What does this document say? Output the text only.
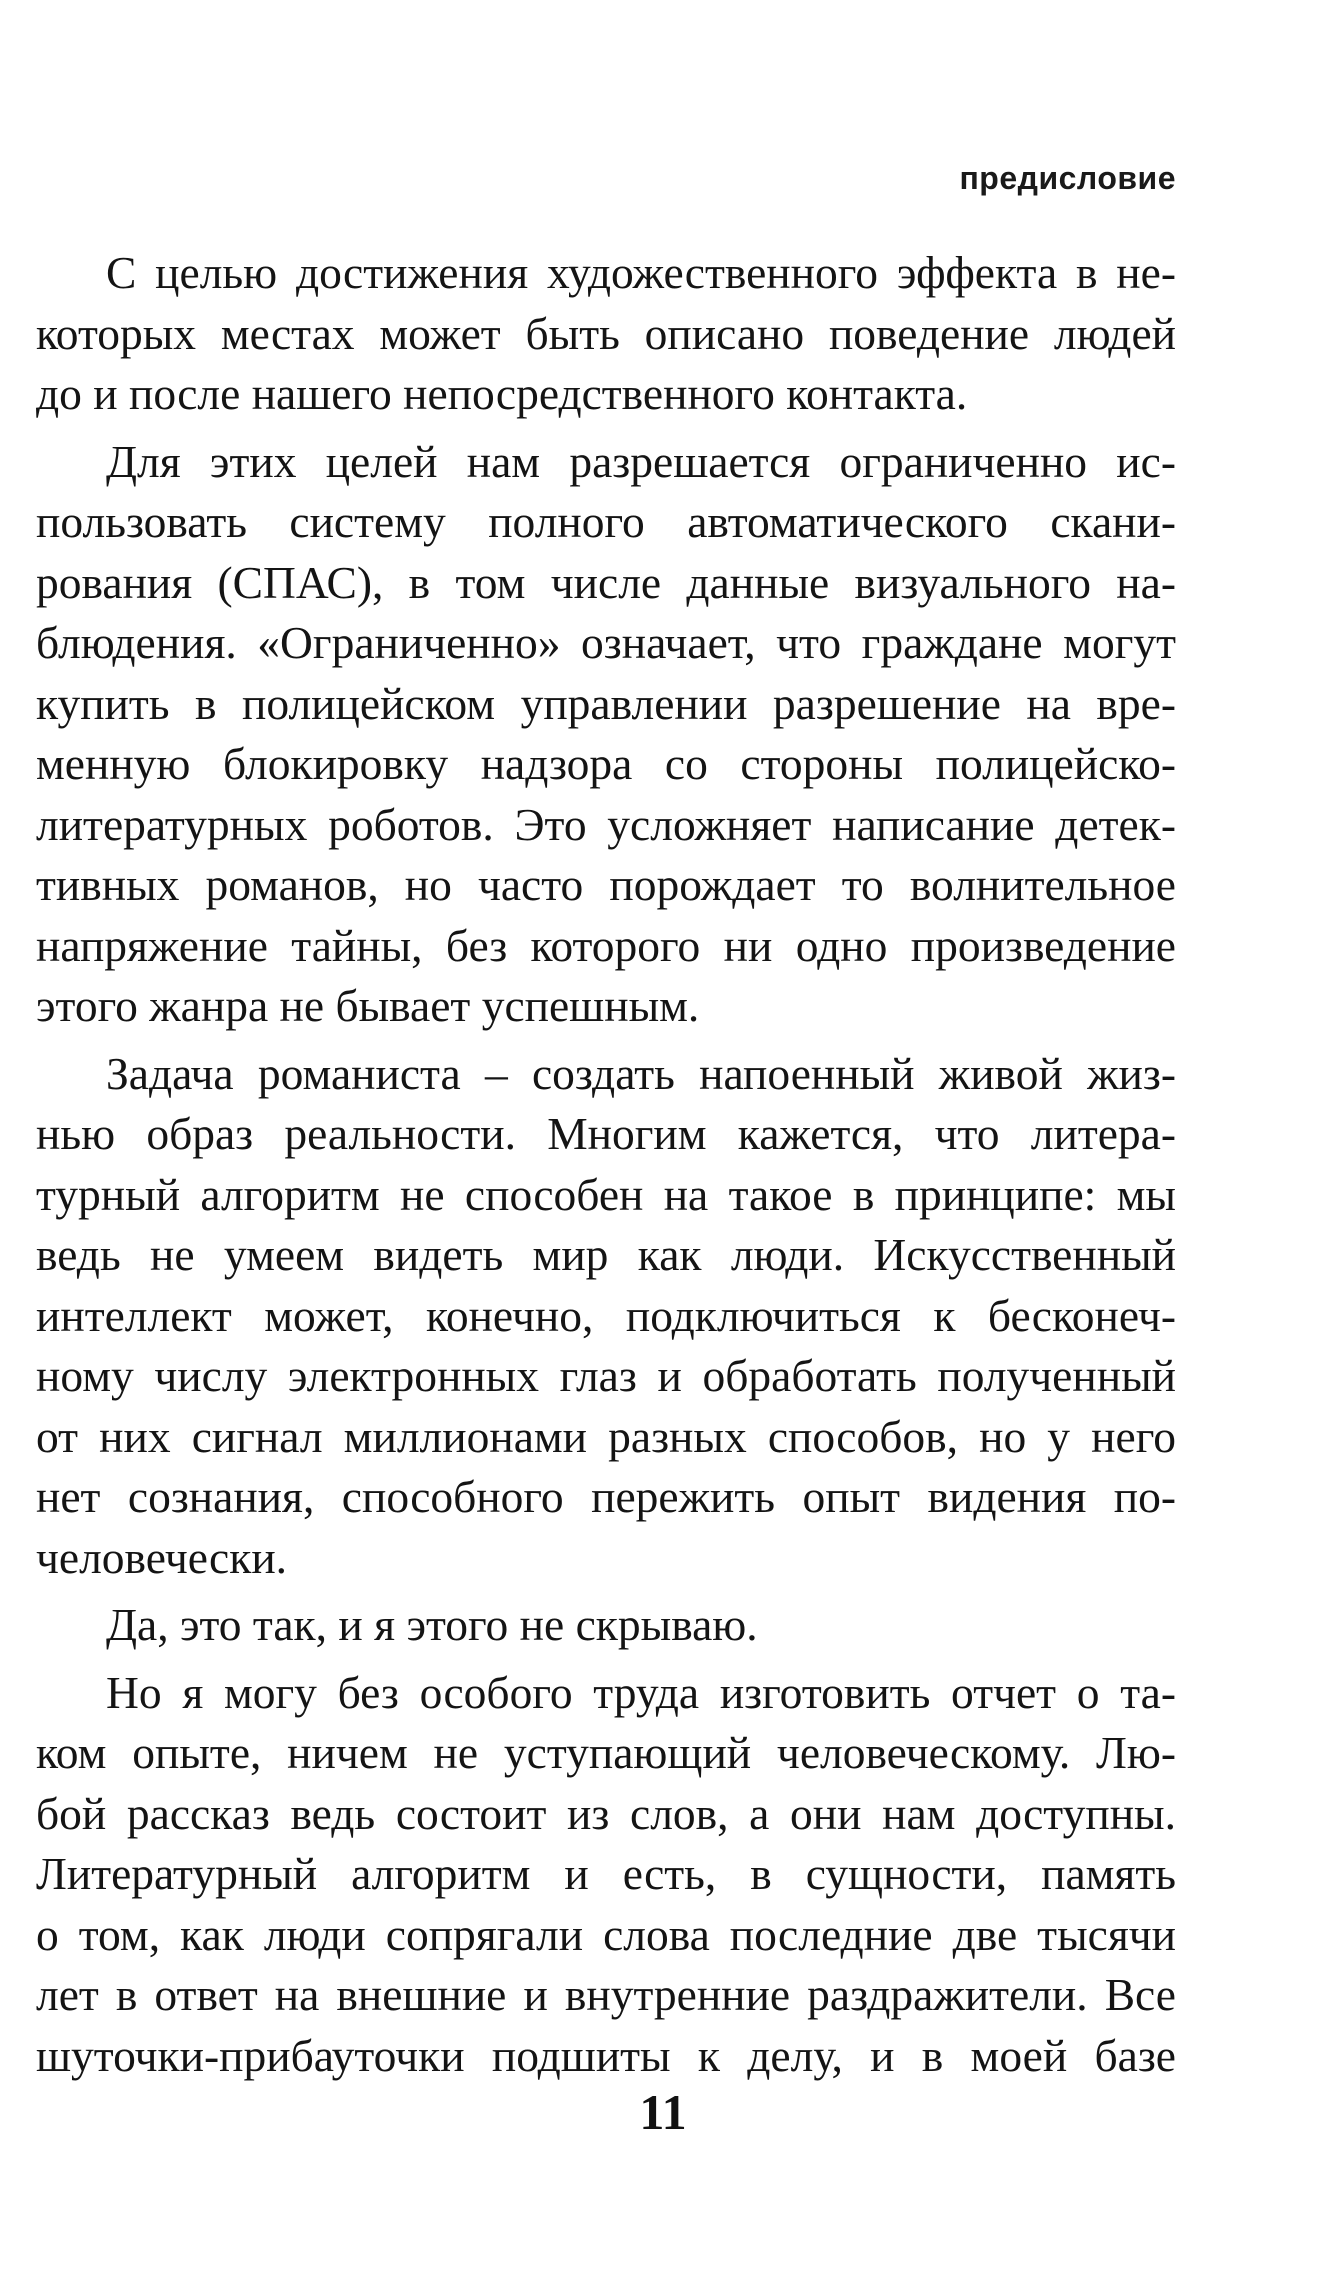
предисловие
С целью достижения художественного эффекта в не-
которых местах может быть описано поведение людей
до и после нашего непосредственного контакта.
Для этих целей нам разрешается ограниченно ис-
пользовать систему полного автоматического скани-
рования (СПАС), в том числе данные визуального на-
блюдения. «Ограниченно» означает, что граждане могут
купить в полицейском управлении разрешение на вре-
менную блокировку надзора со стороны полицейско-
литературных роботов. Это усложняет написание детек-
тивных романов, но часто порождает то волнительное
напряжение тайны, без которого ни одно произведение
этого жанра не бывает успешным.
Задача романиста – создать напоенный живой жиз-
нью образ реальности. Многим кажется, что литера-
турный алгоритм не способен на такое в принципе: мы
ведь не умеем видеть мир как люди. Искусственный
интеллект может, конечно, подключиться к бесконеч-
ному числу электронных глаз и обработать полученный
от них сигнал миллионами разных способов, но у него
нет сознания, способного пережить опыт видения по-
человечески.
Да, это так, и я этого не скрываю.
Но я могу без особого труда изготовить отчет о та-
ком опыте, ничем не уступающий человеческому. Лю-
бой рассказ ведь состоит из слов, а они нам доступны.
Литературный алгоритм и есть, в сущности, память
о том, как люди сопрягали слова последние две тысячи
лет в ответ на внешние и внутренние раздражители. Все
шуточки-прибауточки подшиты к делу, и в моей базе
11
